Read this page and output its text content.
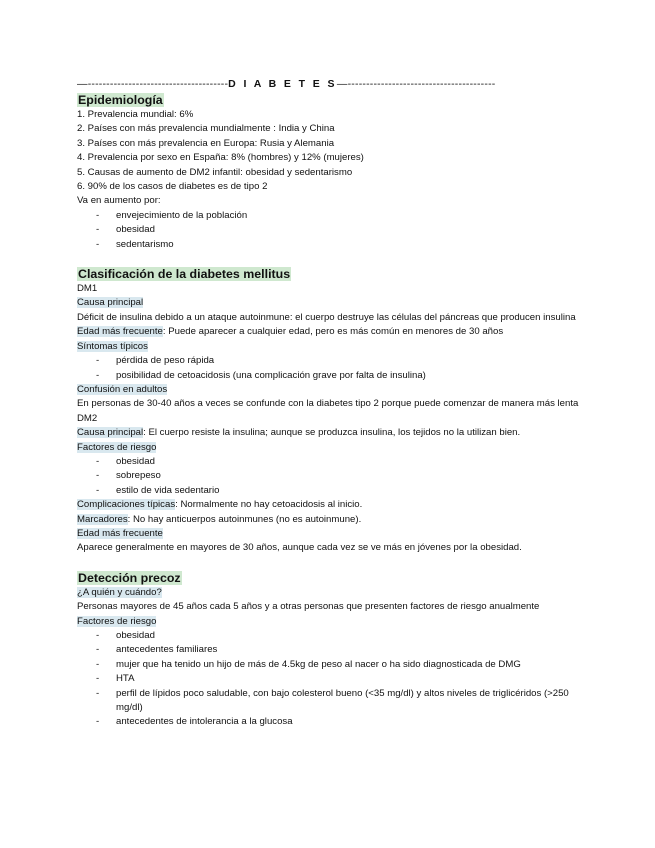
—--------------------------------------D I A B E T E S—----------------------------------------
Epidemiología
1. Prevalencia mundial: 6%
2. Países con más prevalencia mundialmente : India y China
3. Países con más prevalencia en Europa: Rusia y Alemania
4. Prevalencia por sexo en España: 8% (hombres) y 12% (mujeres)
5. Causas de aumento de DM2 infantil: obesidad y sedentarismo
6. 90% de los casos de diabetes es de tipo 2
Va en aumento por:
- envejecimiento de la población
- obesidad
- sedentarismo
Clasificación de la diabetes mellitus
DM1
Causa principal
Déficit de insulina debido a un ataque autoinmune: el cuerpo destruye las células del páncreas que producen insulina
Edad más frecuente: Puede aparecer a cualquier edad, pero es más común en menores de 30 años
Síntomas típicos
- pérdida de peso rápida
- posibilidad de cetoacidosis (una complicación grave por falta de insulina)
Confusión en adultos
En personas de 30-40 años a veces se confunde con la diabetes tipo 2 porque puede comenzar de manera más lenta
DM2
Causa principal: El cuerpo resiste la insulina; aunque se produzca insulina, los tejidos no la utilizan bien.
Factores de riesgo
- obesidad
- sobrepeso
- estilo de vida sedentario
Complicaciones típicas: Normalmente no hay cetoacidosis al inicio.
Marcadores: No hay anticuerpos autoinmunes (no es autoinmune).
Edad más frecuente
Aparece generalmente en mayores de 30 años, aunque cada vez se ve más en jóvenes por la obesidad.
Detección precoz
¿A quién y cuándo?
Personas mayores de 45 años cada 5 años y a otras personas que presenten factores de riesgo anualmente
Factores de riesgo
- obesidad
- antecedentes familiares
- mujer que ha tenido un hijo de más de 4.5kg de peso al nacer o ha sido diagnosticada de DMG
- HTA
- perfil de lípidos poco saludable, con bajo colesterol bueno (<35 mg/dl) y altos niveles de triglicéridos (>250 mg/dl)
- antecedentes de intolerancia a la glucosa
